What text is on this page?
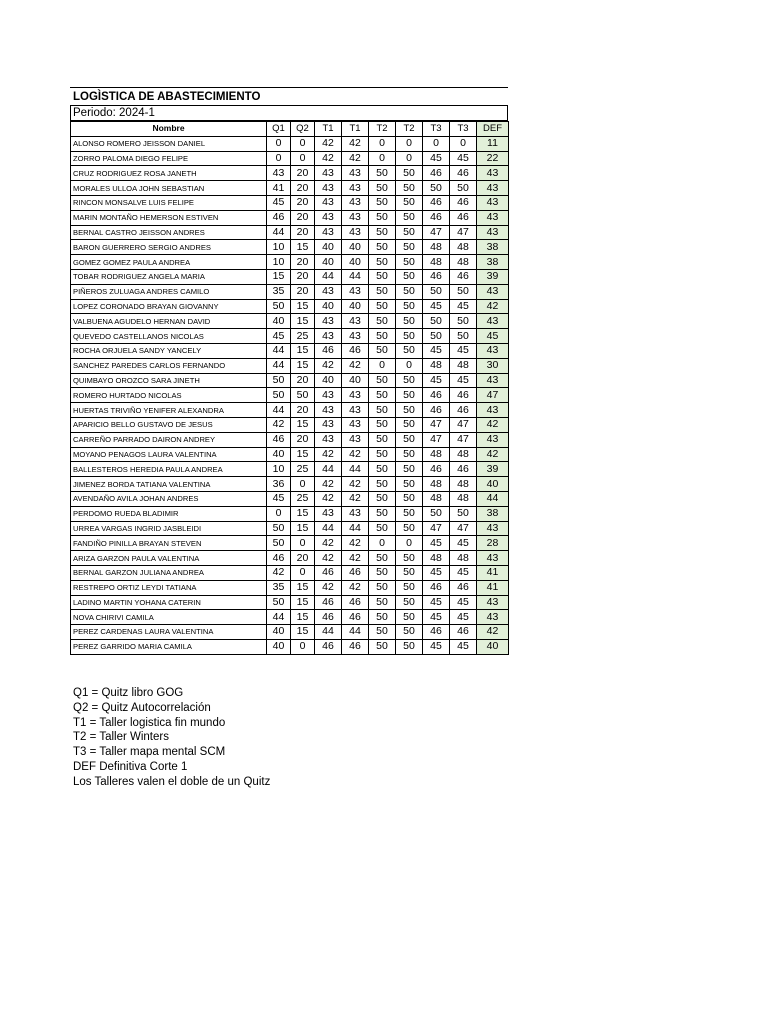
LOGÌSTICA DE ABASTECIMIENTO
Periodo: 2024-1
Nombre	Q1	Q2	T1	T1	T2	T2	T3	T3	DEF
ALONSO ROMERO JEISSON DANIEL	0	0	42	42	0	0	0	0	11
ZORRO PALOMA DIEGO FELIPE	0	0	42	42	0	0	45	45	22
CRUZ RODRIGUEZ ROSA JANETH	43	20	43	43	50	50	46	46	43
MORALES ULLOA JOHN SEBASTIAN	41	20	43	43	50	50	50	50	43
RINCON MONSALVE LUIS FELIPE	45	20	43	43	50	50	46	46	43
MARIN MONTAÑO HEMERSON ESTIVEN	46	20	43	43	50	50	46	46	43
BERNAL CASTRO JEISSON ANDRES	44	20	43	43	50	50	47	47	43
BARON GUERRERO SERGIO ANDRES	10	15	40	40	50	50	48	48	38
GOMEZ GOMEZ PAULA ANDREA	10	20	40	40	50	50	48	48	38
TOBAR RODRIGUEZ ANGELA MARIA	15	20	44	44	50	50	46	46	39
PIÑEROS ZULUAGA ANDRES CAMILO	35	20	43	43	50	50	50	50	43
LOPEZ CORONADO BRAYAN GIOVANNY	50	15	40	40	50	50	45	45	42
VALBUENA AGUDELO HERNAN DAVID	40	15	43	43	50	50	50	50	43
QUEVEDO CASTELLANOS NICOLAS	45	25	43	43	50	50	50	50	45
ROCHA ORJUELA SANDY YANCELY	44	15	46	46	50	50	45	45	43
SANCHEZ PAREDES CARLOS FERNANDO	44	15	42	42	0	0	48	48	30
QUIMBAYO OROZCO SARA JINETH	50	20	40	40	50	50	45	45	43
ROMERO HURTADO NICOLAS	50	50	43	43	50	50	46	46	47
HUERTAS TRIVIÑO YENIFER ALEXANDRA	44	20	43	43	50	50	46	46	43
APARICIO BELLO GUSTAVO DE JESUS	42	15	43	43	50	50	47	47	42
CARREÑO PARRADO DAIRON ANDREY	46	20	43	43	50	50	47	47	43
MOYANO PENAGOS LAURA VALENTINA	40	15	42	42	50	50	48	48	42
BALLESTEROS HEREDIA PAULA ANDREA	10	25	44	44	50	50	46	46	39
JIMENEZ BORDA TATIANA VALENTINA	36	0	42	42	50	50	48	48	40
AVENDAÑO AVILA JOHAN ANDRES	45	25	42	42	50	50	48	48	44
PERDOMO RUEDA BLADIMIR	0	15	43	43	50	50	50	50	38
URREA VARGAS INGRID JASBLEIDI	50	15	44	44	50	50	47	47	43
FANDIÑO PINILLA BRAYAN STEVEN	50	0	42	42	0	0	45	45	28
ARIZA GARZON PAULA VALENTINA	46	20	42	42	50	50	48	48	43
BERNAL GARZON JULIANA ANDREA	42	0	46	46	50	50	45	45	41
RESTREPO ORTIZ LEYDI TATIANA	35	15	42	42	50	50	46	46	41
LADINO MARTIN YOHANA CATERIN	50	15	46	46	50	50	45	45	43
NOVA CHIRIVI CAMILA	44	15	46	46	50	50	45	45	43
PEREZ CARDENAS LAURA VALENTINA	40	15	44	44	50	50	46	46	42
PEREZ GARRIDO MARIA CAMILA	40	0	46	46	50	50	45	45	40
Q1 = Quitz libro GOG
Q2 = Quitz Autocorrelación
T1 = Taller logistica fin mundo
T2 = Taller Winters
T3 = Taller mapa mental SCM
DEF Definitiva Corte 1
Los Talleres valen el doble de un Quitz
